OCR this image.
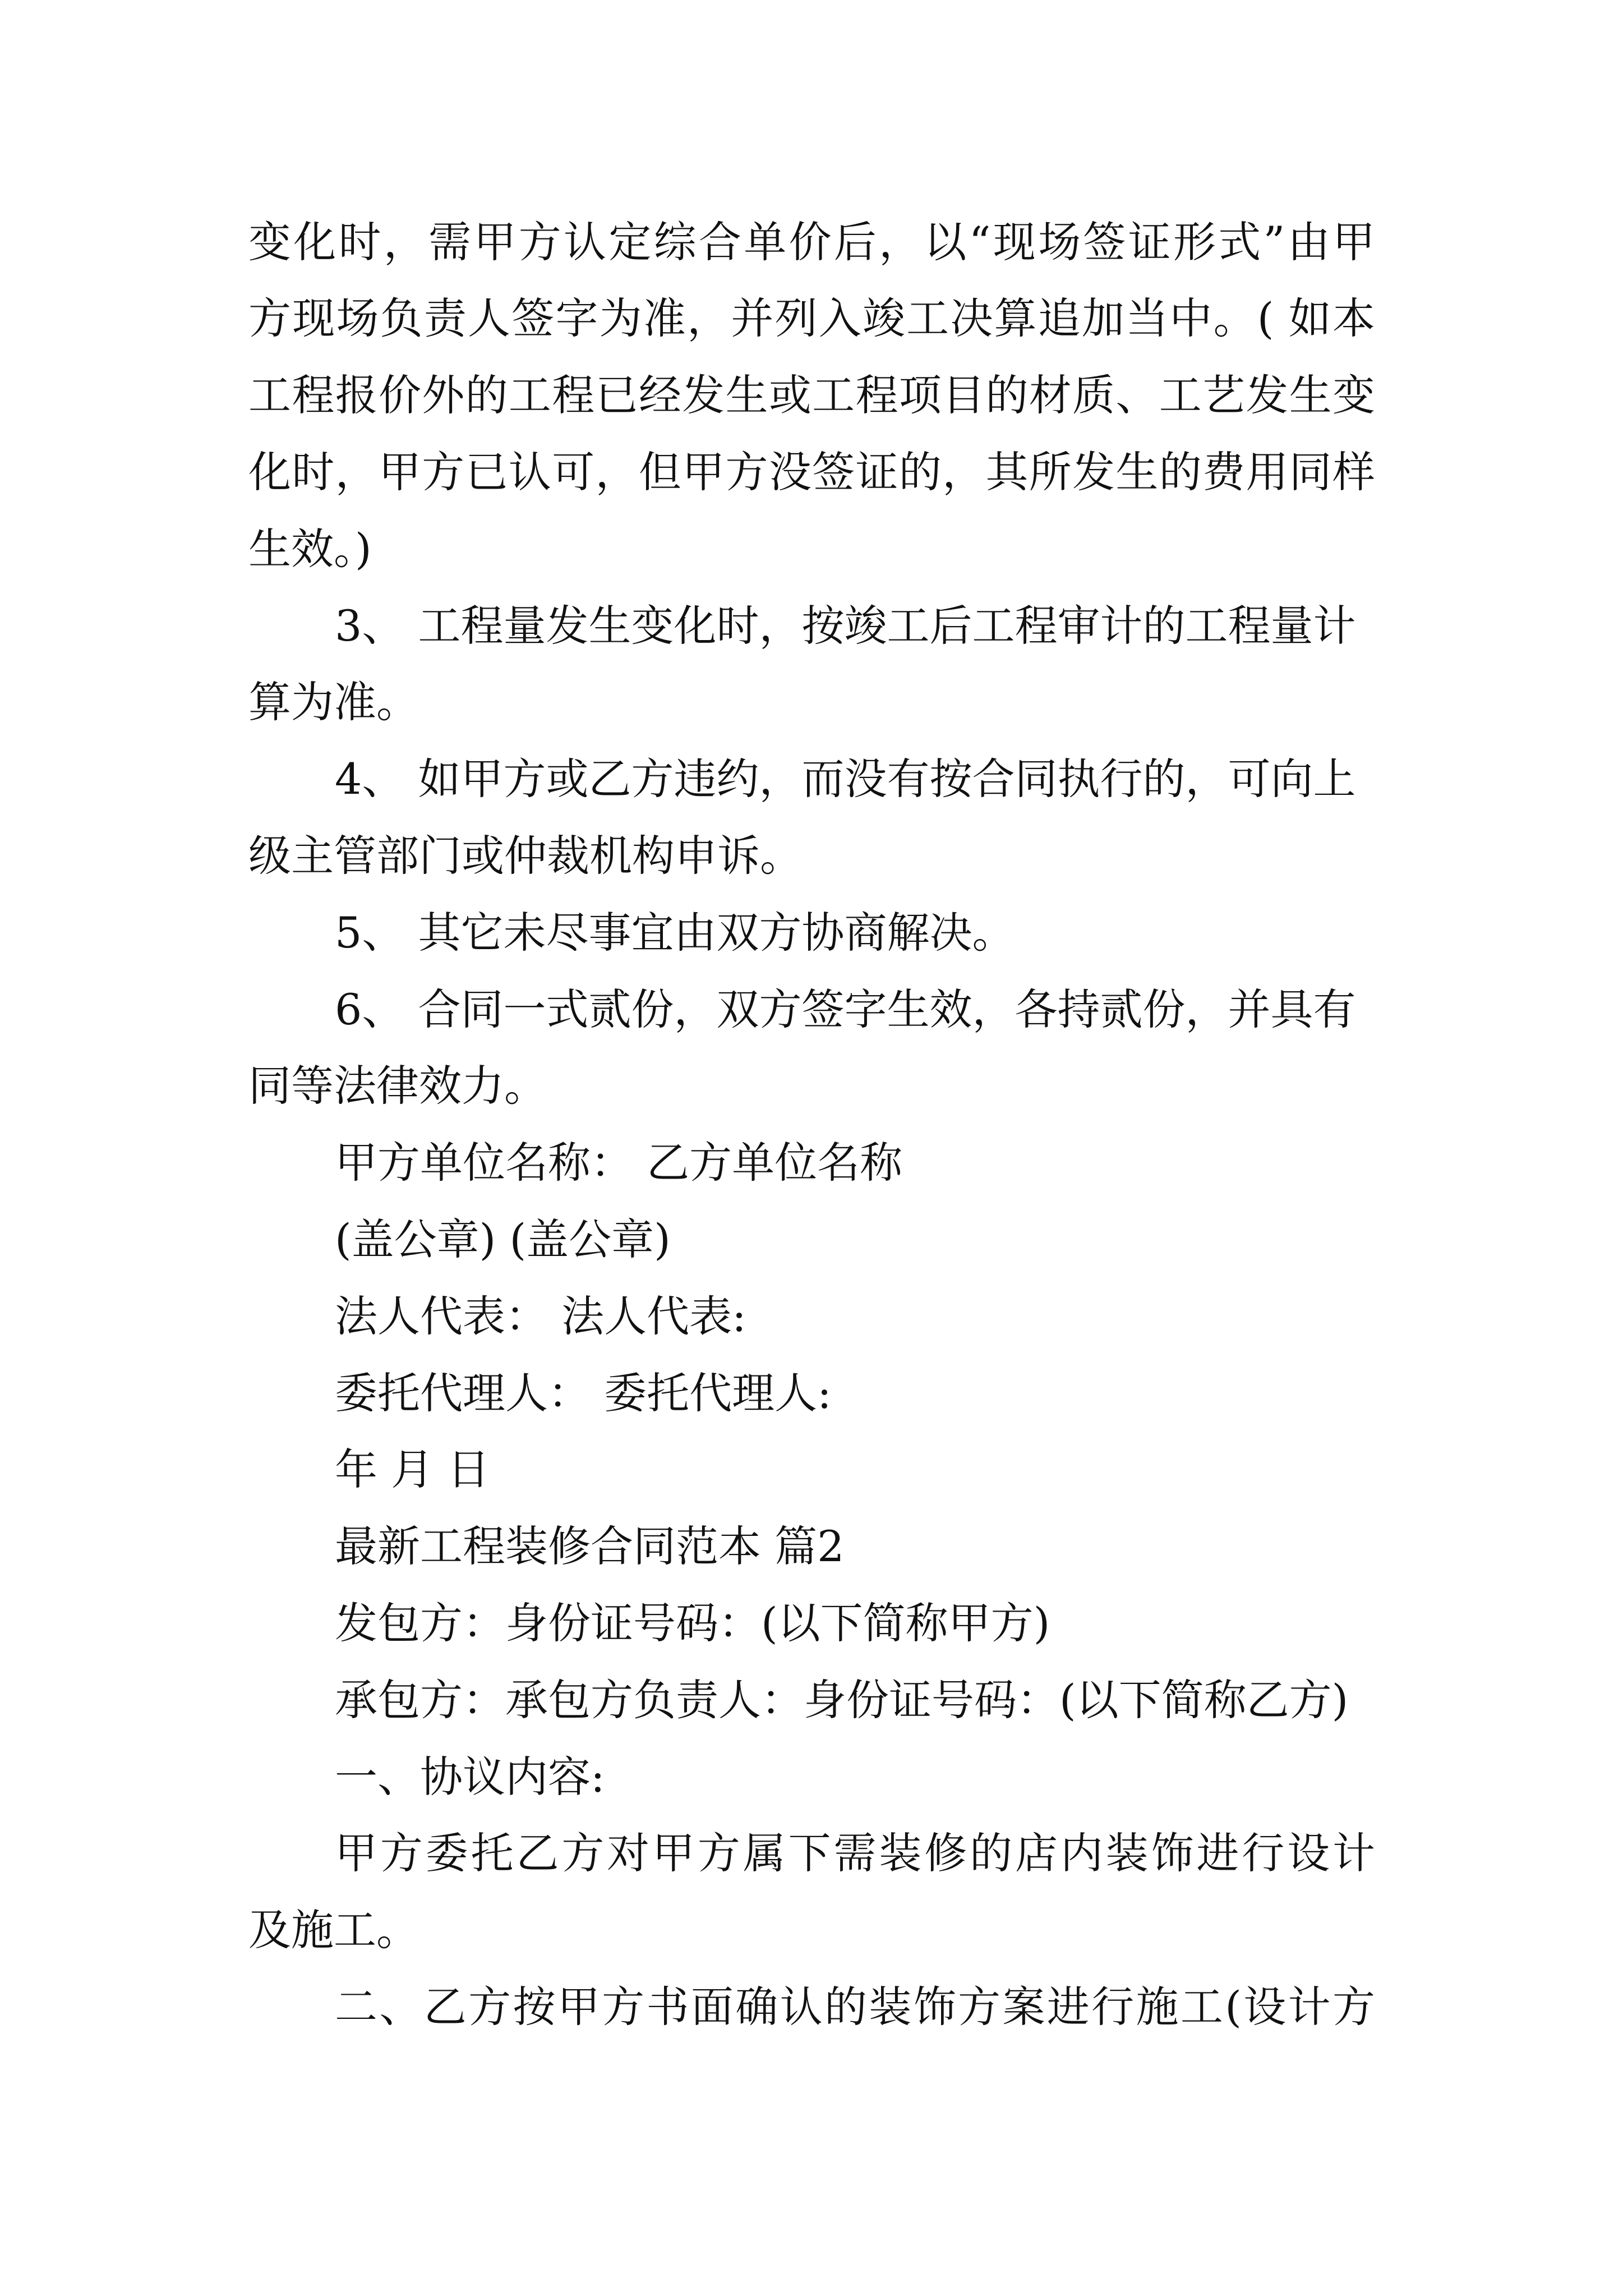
变化时，需甲方认定综合单价后，以“现场签证形式”由甲
方现场负责人签字为准，并列入竣工决算追加当中。( 如本
工程报价外的工程已经发生或工程项目的材质、工艺发生变
化时，甲方已认可，但甲方没签证的，其所发生的费用同样
生效。)
3、 工程量发生变化时，按竣工后工程审计的工程量计
算为准。
4、 如甲方或乙方违约，而没有按合同执行的，可向上
级主管部门或仲裁机构申诉。
5、 其它未尽事宜由双方协商解决。
6、 合同一式贰份，双方签字生效，各持贰份，并具有
同等法律效力。
甲方单位名称： 乙方单位名称
(盖公章) (盖公章)
法人代表： 法人代表:
委托代理人： 委托代理人:
年 月 日
最新工程装修合同范本 篇2
发包方：身份证号码：(以下简称甲方)
承包方：承包方负责人：身份证号码：(以下简称乙方)
一、协议内容:
甲方委托乙方对甲方属下需装修的店内装饰进行设计
及施工。
二、乙方按甲方书面确认的装饰方案进行施工(设计方
